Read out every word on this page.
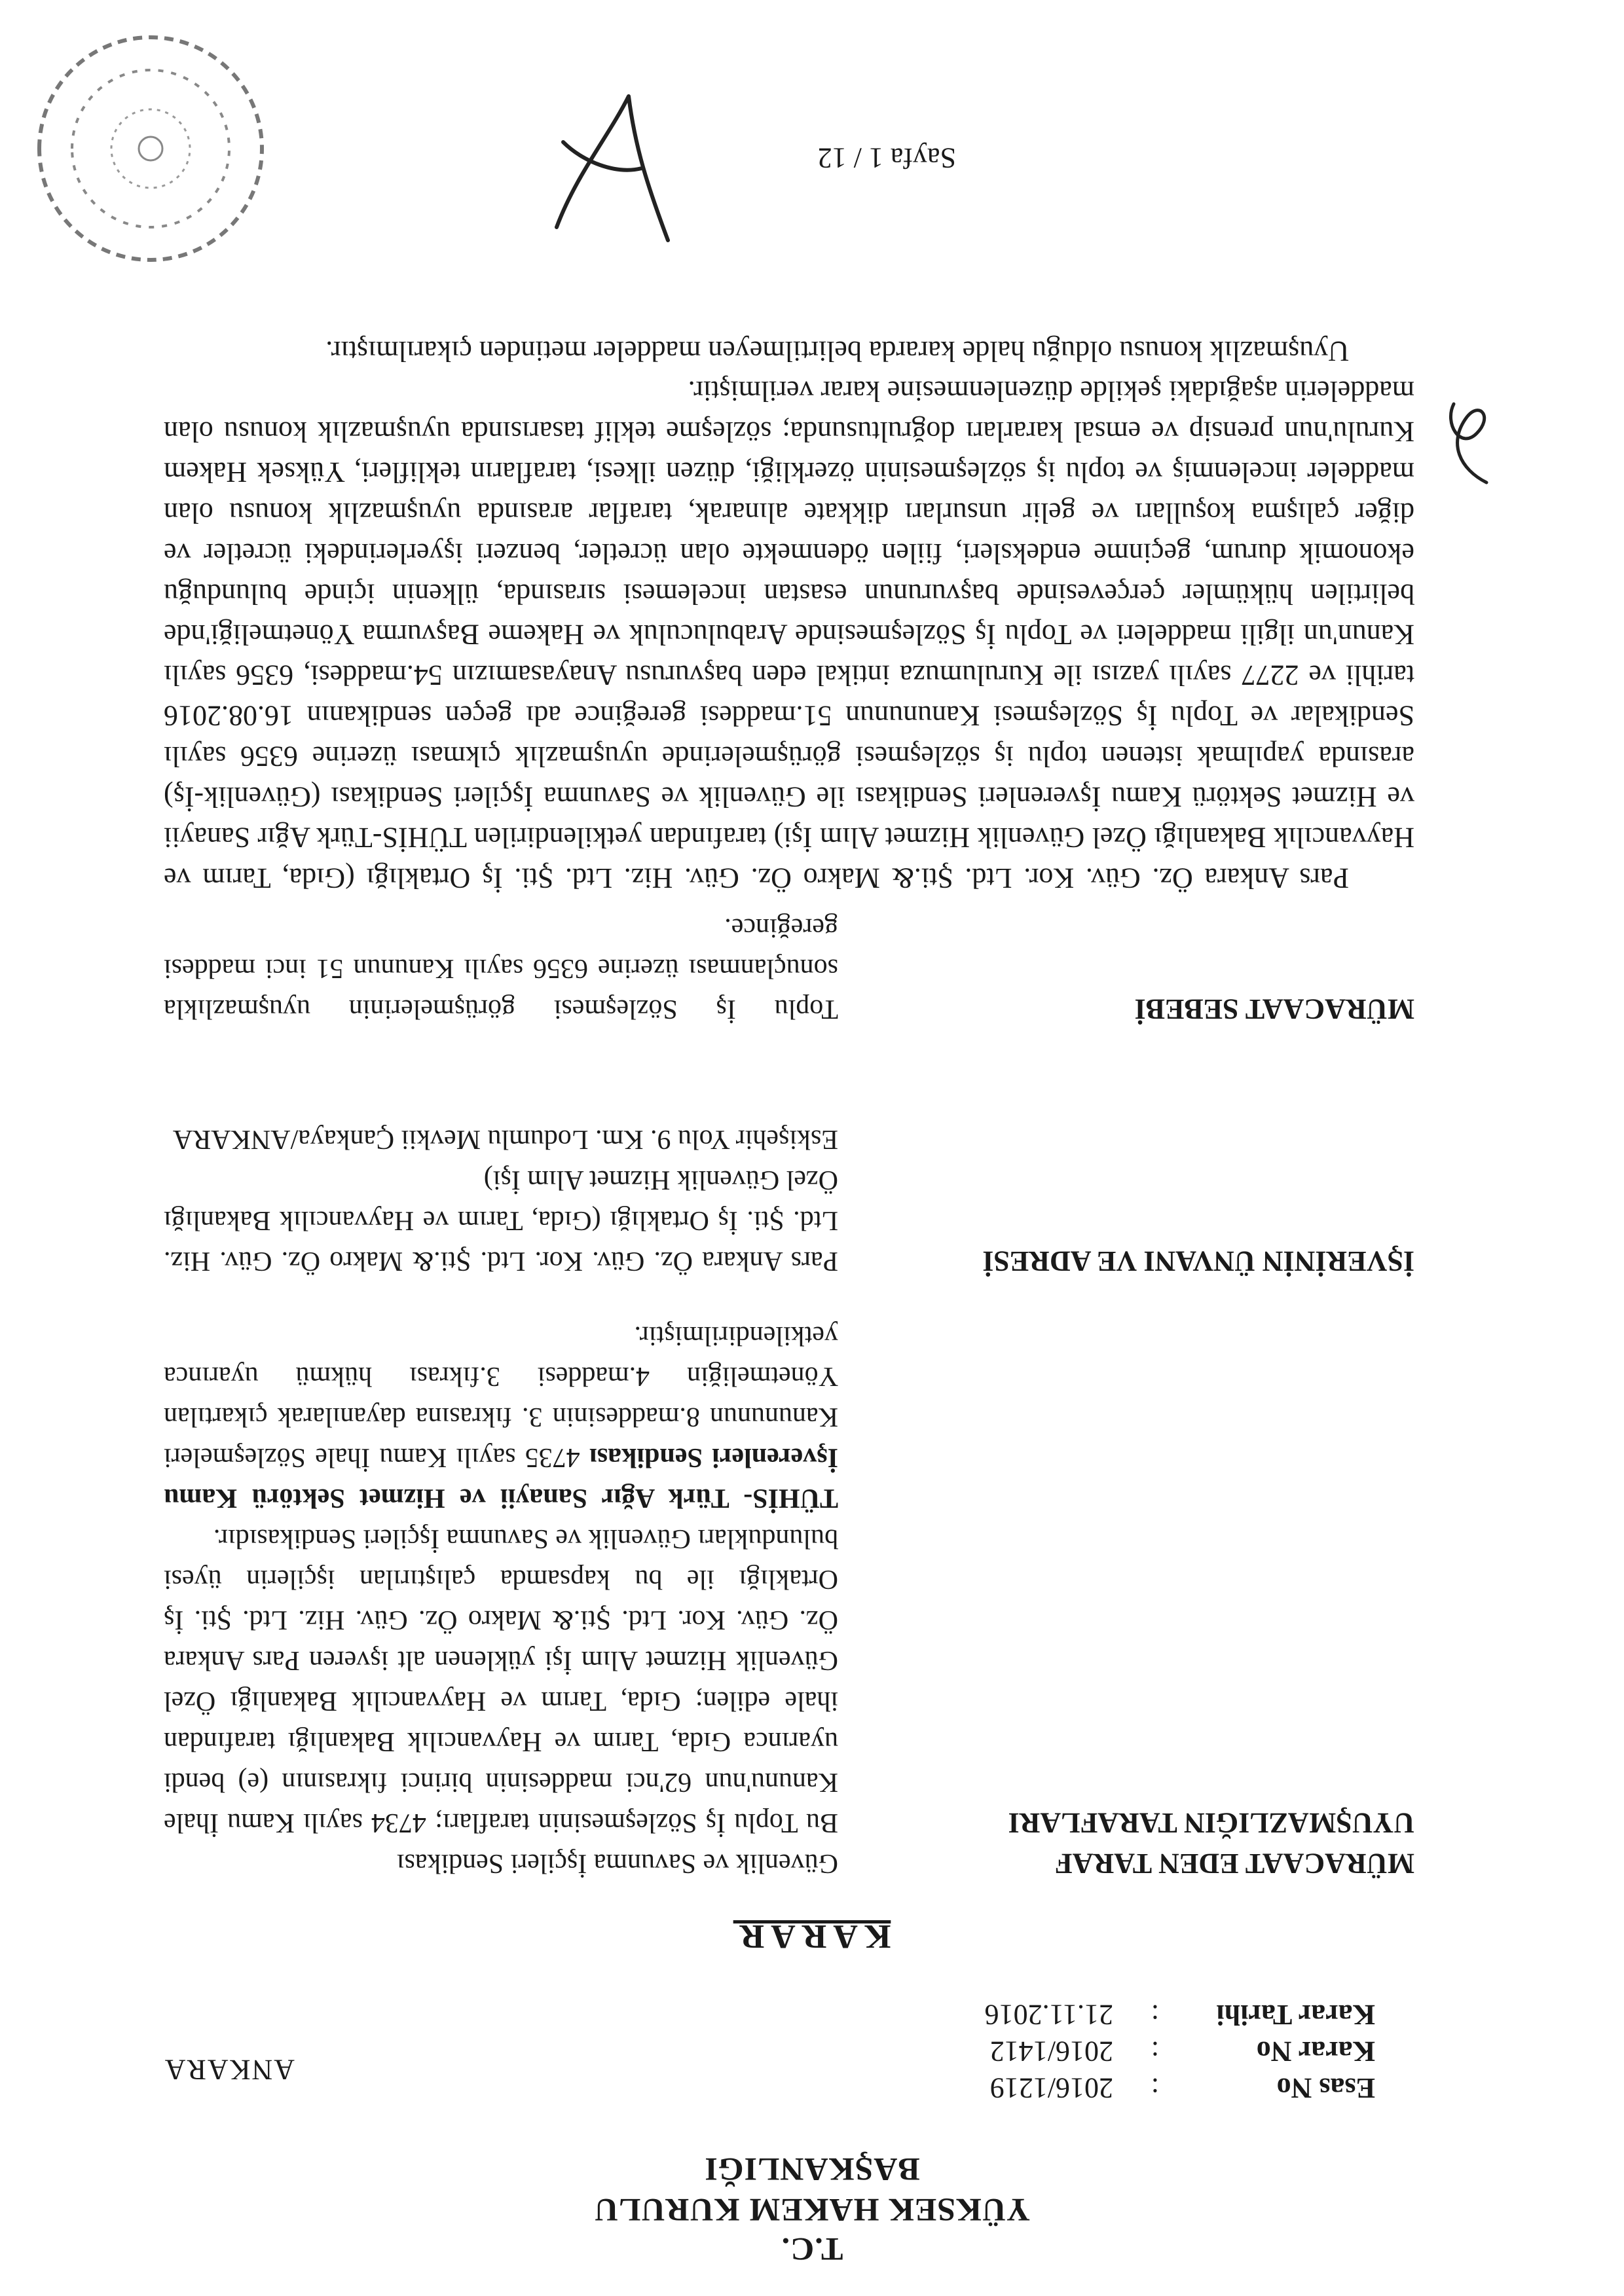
T.C.
YÜKSEK HAKEM KURULU
BAŞKANLIĞI
Esas No:2016/1219
Karar No:2016/1412
Karar Tarihi:21.11.2016
ANKARA
KARAR
MÜRACAAT EDEN TARAF UYUŞMAZLIĞIN TARAFLARI
Güvenlik ve Savunma İşçileri Sendikası
Bu Toplu İş Sözleşmesinin tarafları; 4734 sayılı Kamu İhale Kanunu'nun 62'nci maddesinin birinci fıkrasının (e) bendi uyarınca Gıda, Tarım ve Hayvancılık Bakanlığı tarafından ihale edilen; Gıda, Tarım ve Hayvancılık Bakanlığı Özel Güvenlik Hizmet Alım İşi yüklenen alt işveren Pars Ankara Öz. Güv. Kor. Ltd. Şti.& Makro Öz. Güv. Hiz. Ltd. Şti. İş Ortaklığı ile bu kapsamda çalıştırılan işçilerin üyesi bulundukları Güvenlik ve Savunma İşçileri Sendikasıdır.
TÜHİS- Türk Ağır Sanayii ve Hizmet Sektörü Kamu İşverenleri Sendikası 4735 sayılı Kamu İhale Sözleşmeleri Kanununun 8.maddesinin 3. fıkrasına dayanılarak çıkartılan Yönetmeliğin 4.maddesi 3.fıkrası hükmü uyarınca yetkilendirilmiştir.
İŞVERİNİN ÜNVANI VE ADRESİ
Pars Ankara Öz. Güv. Kor. Ltd. Şti.& Makro Öz. Güv. Hiz. Ltd. Şti. İş Ortaklığı (Gıda, Tarım ve Hayvancılık Bakanlığı Özel Güvenlik Hizmet Alım İşi)
Eskişehir Yolu 9. Km. Lodumlu Mevkii Çankaya/ANKARA
MÜRACAAT SEBEBİ
Toplu İş Sözleşmesi görüşmelerinin uyuşmazlıkla sonuçlanması üzerine 6356 sayılı Kanunun 51 inci maddesi gereğince.
Pars Ankara Öz. Güv. Kor. Ltd. Şti.& Makro Öz. Güv. Hiz. Ltd. Şti. İş Ortaklığı (Gıda, Tarım ve Hayvancılık Bakanlığı Özel Güvenlik Hizmet Alım İşi) tarafından yetkilendirilen TÜHİS-Türk Ağır Sanayii ve Hizmet Sektörü Kamu İşverenleri Sendikası ile Güvenlik ve Savunma İşçileri Sendikası (Güvenlik-İş) arasında yapılmak istenen toplu iş sözleşmesi görüşmelerinde uyuşmazlık çıkması üzerine 6356 sayılı Sendikalar ve Toplu İş Sözleşmesi Kanununun 51.maddesi gereğince adı geçen sendikanın 16.08.2016 tarihli ve 2277 sayılı yazısı ile Kurulumuza intikal eden başvurusu Anayasamızın 54.maddesi, 6356 sayılı Kanun'un ilgili maddeleri ve Toplu İş Sözleşmesinde Arabuluculuk ve Hakeme Başvurma Yönetmeliği'nde belirtilen hükümler çerçevesinde başvurunun esastan incelemesi sırasında, ülkenin içinde bulunduğu ekonomik durum, geçinme endeksleri, fiilen ödenmekte olan ücretler, benzeri işyerlerindeki ücretler ve diğer çalışma koşulları ve gelir unsurları dikkate alınarak, taraflar arasında uyuşmazlık konusu olan maddeler incelenmiş ve toplu iş sözleşmesinin özerkliği, düzen ilkesi, tarafların teklifleri, Yüksek Hakem Kurulu'nun prensip ve emsal kararları doğrultusunda; sözleşme teklif tasarısında uyuşmazlık konusu olan maddelerin aşağıdaki şekilde düzenlenmesine karar verilmiştir.
Uyuşmazlık konusu olduğu halde kararda belirtilmeyen maddeler metinden çıkarılmıştır.
Sayfa 1 / 12
